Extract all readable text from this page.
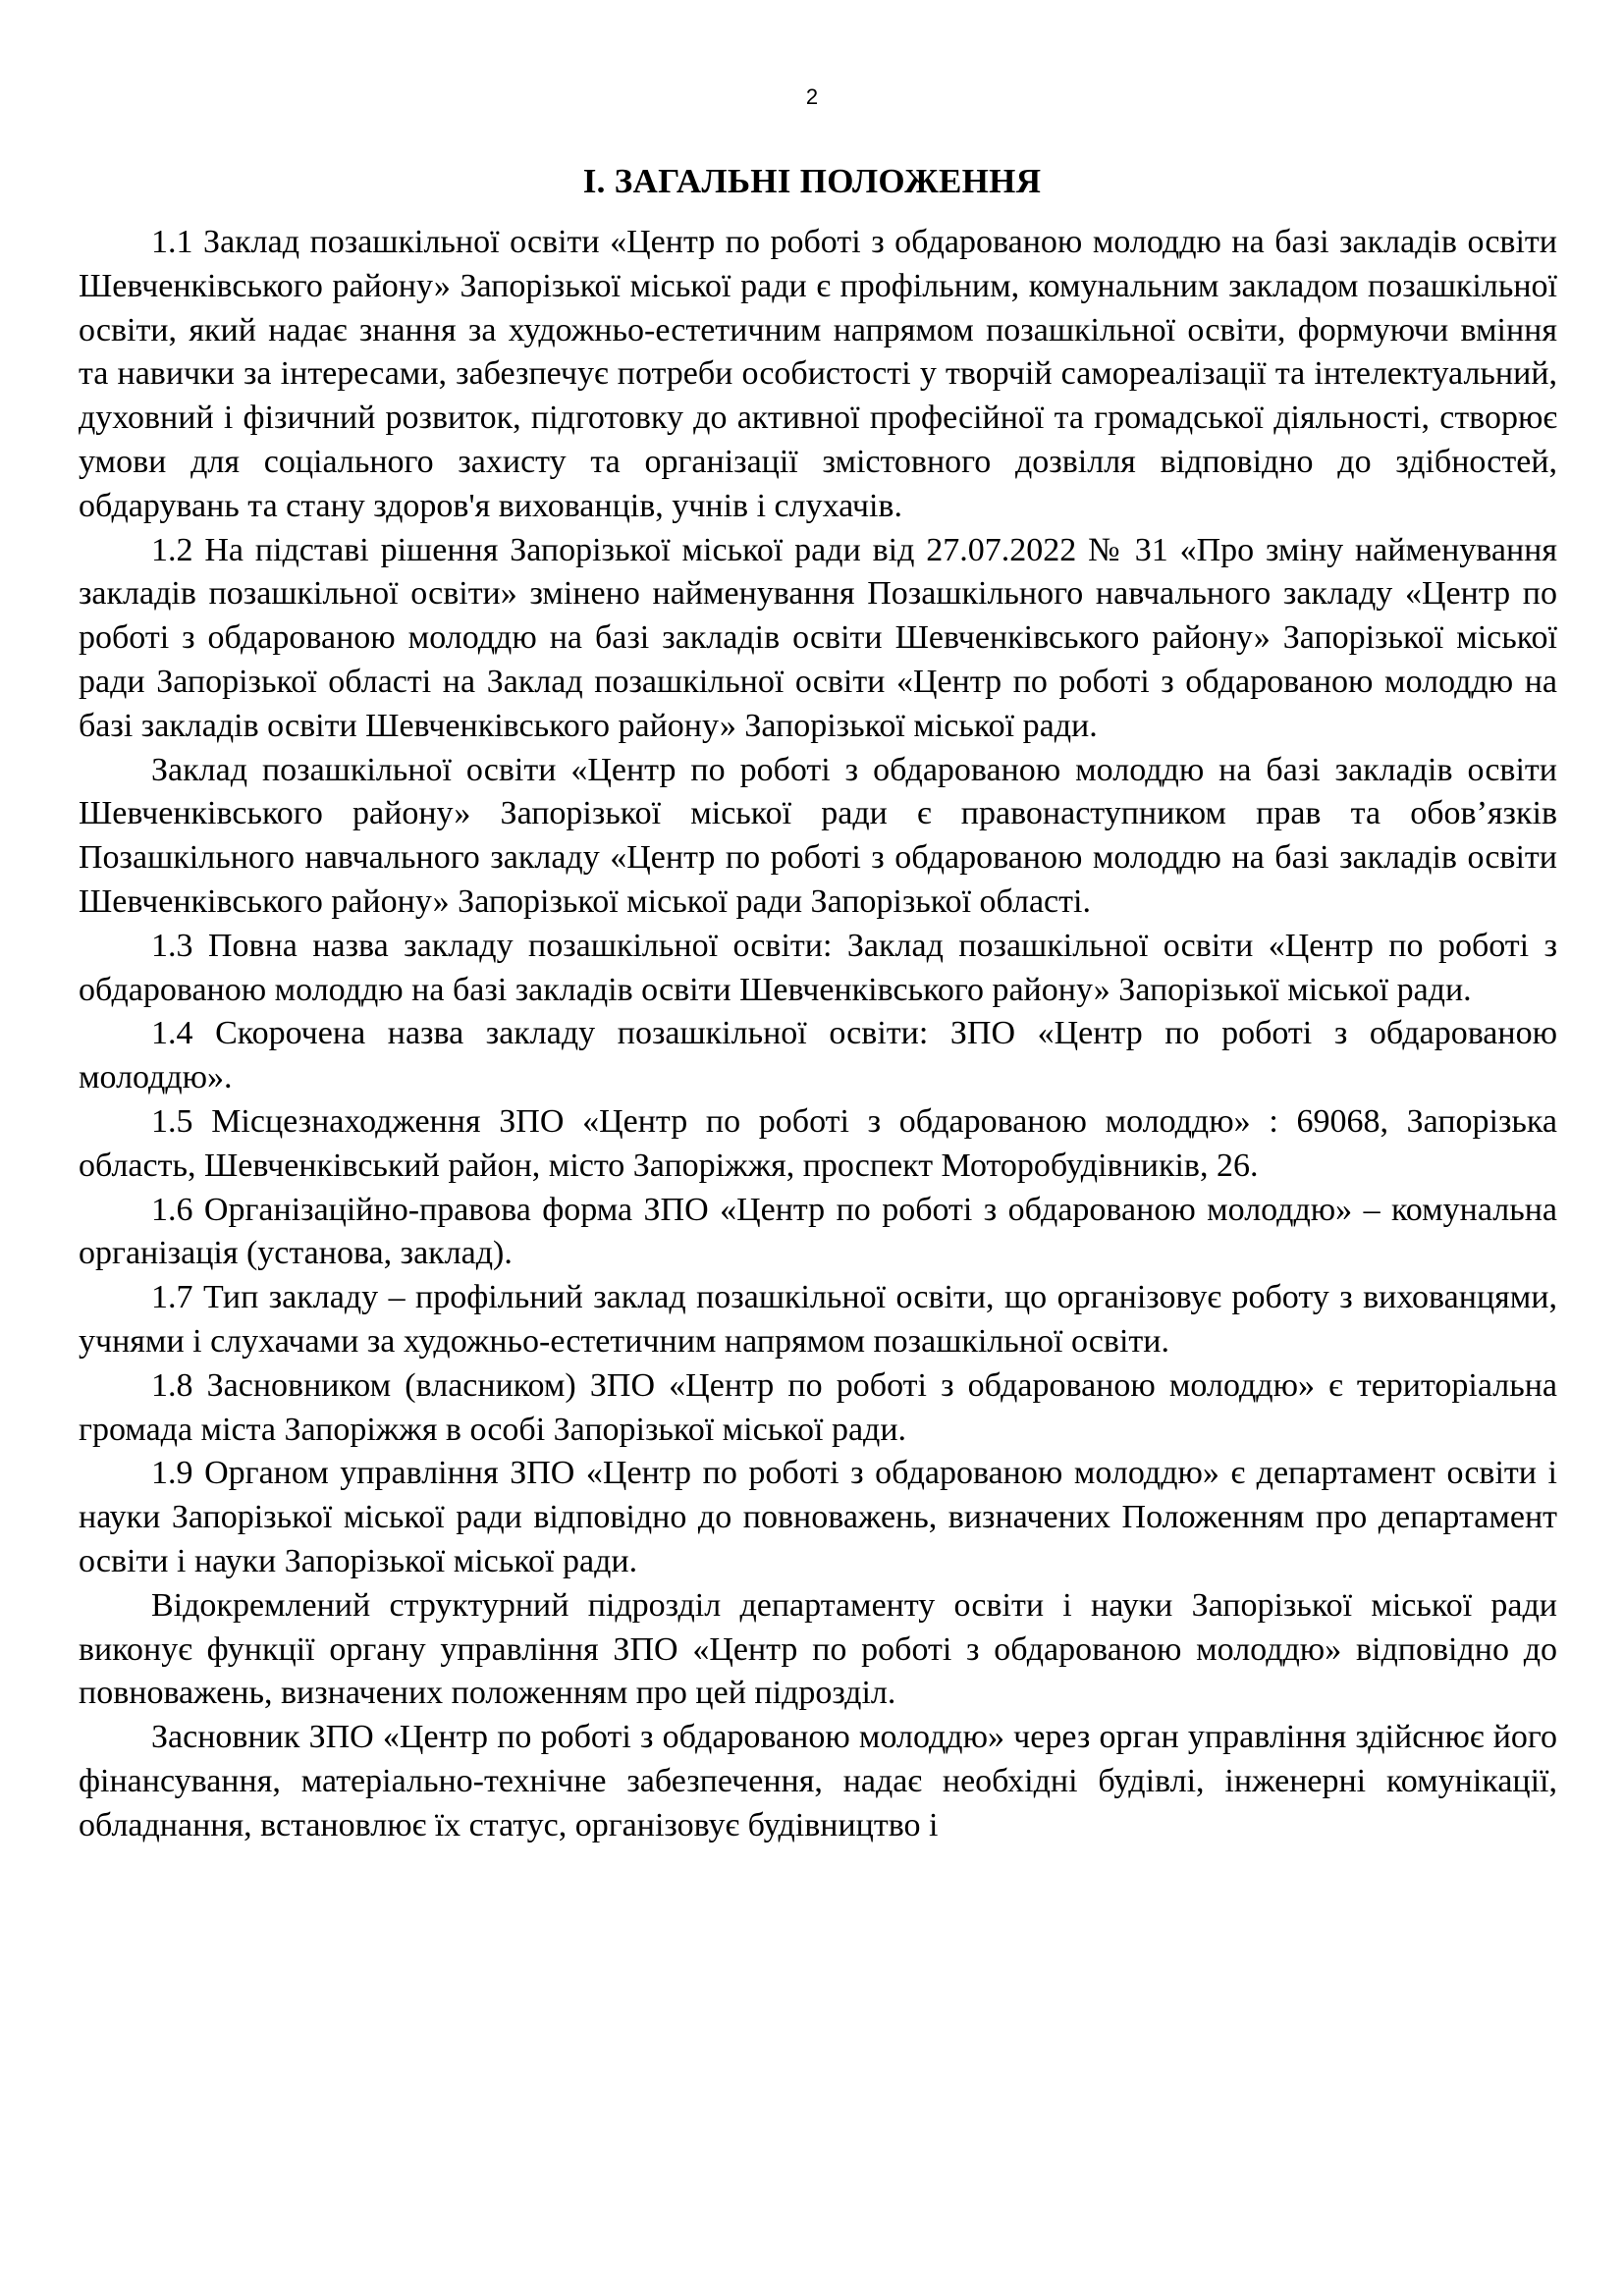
2
І. ЗАГАЛЬНІ ПОЛОЖЕННЯ

1.1 Заклад позашкільної освіти «Центр по роботі з обдарованою молоддю на базі закладів освіти Шевченківського району» Запорізької міської ради є профільним, комунальним закладом позашкільної освіти, який надає знання за художньо-естетичним напрямом позашкільної освіти, формуючи вміння та навички за інтересами, забезпечує потреби особистості у творчій самореалізації та інтелектуальний, духовний і фізичний розвиток, підготовку до активної професійної та громадської діяльності, створює умови для соціального захисту та організації змістовного дозвілля відповідно до здібностей, обдарувань та стану здоров'я вихованців, учнів і слухачів.

1.2 На підставі рішення Запорізької міської ради від 27.07.2022 № 31 «Про зміну найменування закладів позашкільної освіти» змінено найменування Позашкільного навчального закладу «Центр по роботі з обдарованою молоддю на базі закладів освіти Шевченківського району» Запорізької міської ради Запорізької області на Заклад позашкільної освіти «Центр по роботі з обдарованою молоддю на базі закладів освіти Шевченківського району» Запорізької міської ради.

Заклад позашкільної освіти «Центр по роботі з обдарованою молоддю на базі закладів освіти Шевченківського району» Запорізької міської ради є правонаступником прав та обов’язків Позашкільного навчального закладу «Центр по роботі з обдарованою молоддю на базі закладів освіти Шевченківського району» Запорізької міської ради Запорізької області.

1.3 Повна назва закладу позашкільної освіти: Заклад позашкільної освіти «Центр по роботі з обдарованою молоддю на базі закладів освіти Шевченківського району» Запорізької міської ради.

1.4 Скорочена назва закладу позашкільної освіти: ЗПО «Центр по роботі з обдарованою молоддю».

1.5 Місцезнаходження ЗПО «Центр по роботі з обдарованою молоддю» : 69068, Запорізька область, Шевченківський район, місто Запоріжжя, проспект Моторобудівників, 26.

1.6 Організаційно-правова форма ЗПО «Центр по роботі з обдарованою молоддю» – комунальна організація (установа, заклад).

1.7 Тип закладу – профільний заклад позашкільної освіти, що організовує роботу з вихованцями, учнями і слухачами за художньо-естетичним напрямом позашкільної освіти.

1.8 Засновником (власником) ЗПО «Центр по роботі з обдарованою молоддю» є територіальна громада міста Запоріжжя в особі Запорізької міської ради.

1.9 Органом управління ЗПО «Центр по роботі з обдарованою молоддю» є департамент освіти і науки Запорізької міської ради відповідно до повноважень, визначених Положенням про департамент освіти і науки Запорізької міської ради.

Відокремлений структурний підрозділ департаменту освіти і науки Запорізької міської ради виконує функції органу управління ЗПО «Центр по роботі з обдарованою молоддю» відповідно до повноважень, визначених положенням про цей підрозділ.

Засновник ЗПО «Центр по роботі з обдарованою молоддю» через орган управління здійснює його фінансування, матеріально-технічне забезпечення, надає необхідні будівлі, інженерні комунікації, обладнання, встановлює їх статус, організовує будівництво і
